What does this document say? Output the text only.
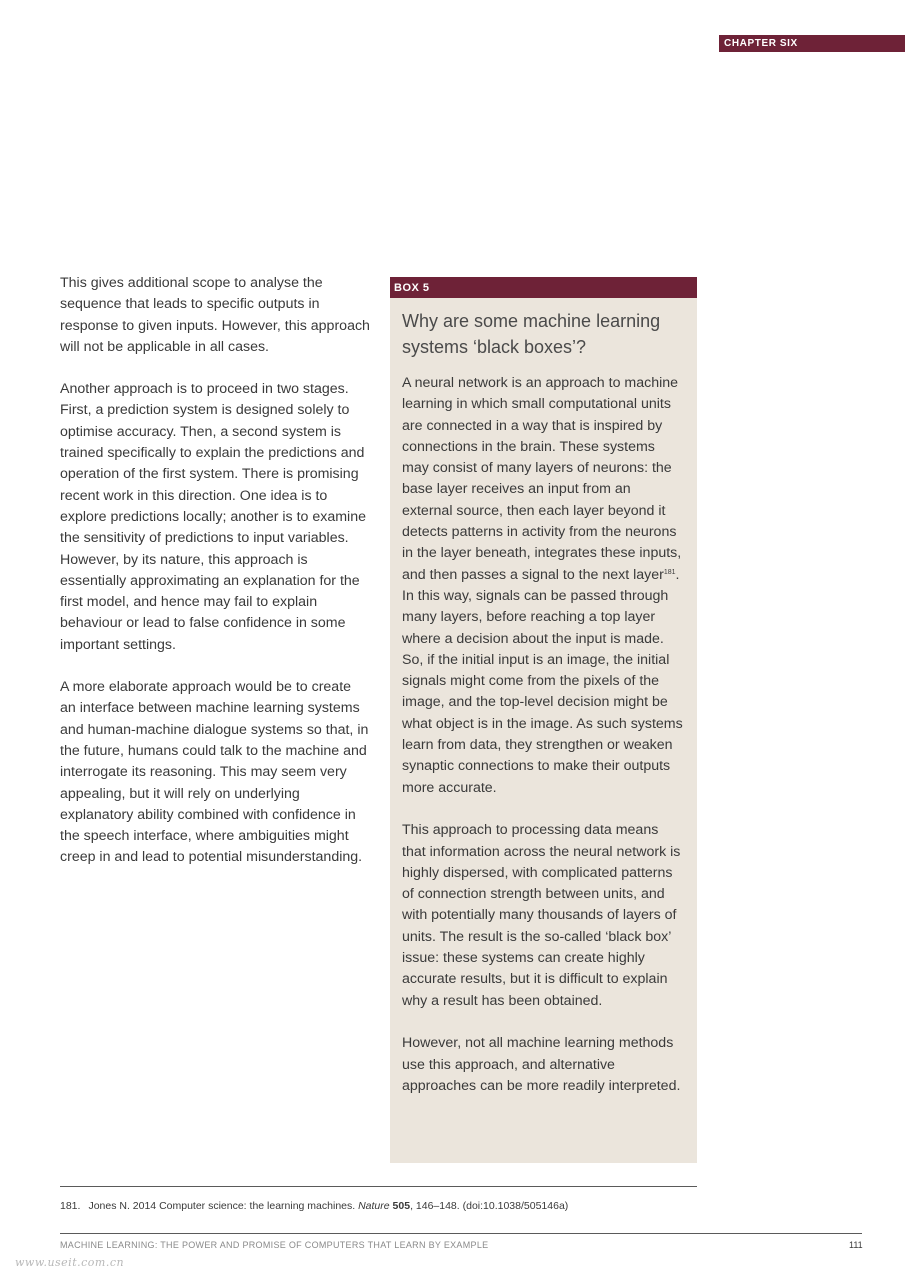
CHAPTER SIX

This gives additional scope to analyse the sequence that leads to specific outputs in response to given inputs. However, this approach will not be applicable in all cases.

Another approach is to proceed in two stages. First, a prediction system is designed solely to optimise accuracy. Then, a second system is trained specifically to explain the predictions and operation of the first system. There is promising recent work in this direction. One idea is to explore predictions locally; another is to examine the sensitivity of predictions to input variables. However, by its nature, this approach is essentially approximating an explanation for the first model, and hence may fail to explain behaviour or lead to false confidence in some important settings.

A more elaborate approach would be to create an interface between machine learning systems and human-machine dialogue systems so that, in the future, humans could talk to the machine and interrogate its reasoning. This may seem very appealing, but it will rely on underlying explanatory ability combined with confidence in the speech interface, where ambiguities might creep in and lead to potential misunderstanding.

BOX 5
Why are some machine learning systems ‘black boxes’?

A neural network is an approach to machine learning in which small computational units are connected in a way that is inspired by connections in the brain. These systems may consist of many layers of neurons: the base layer receives an input from an external source, then each layer beyond it detects patterns in activity from the neurons in the layer beneath, integrates these inputs, and then passes a signal to the next layer$^{181}$. In this way, signals can be passed through many layers, before reaching a top layer where a decision about the input is made. So, if the initial input is an image, the initial signals might come from the pixels of the image, and the top-level decision might be what object is in the image. As such systems learn from data, they strengthen or weaken synaptic connections to make their outputs more accurate.

This approach to processing data means that information across the neural network is highly dispersed, with complicated patterns of connection strength between units, and with potentially many thousands of layers of units. The result is the so-called ‘black box’ issue: these systems can create highly accurate results, but it is difficult to explain why a result has been obtained.

However, not all machine learning methods use this approach, and alternative approaches can be more readily interpreted.

181. Jones N. 2014 Computer science: the learning machines. Nature 505, 146–148. (doi:10.1038/505146a)
MACHINE LEARNING: THE POWER AND PROMISE OF COMPUTERS THAT LEARN BY EXAMPLE	111
www.useit.com.cn
